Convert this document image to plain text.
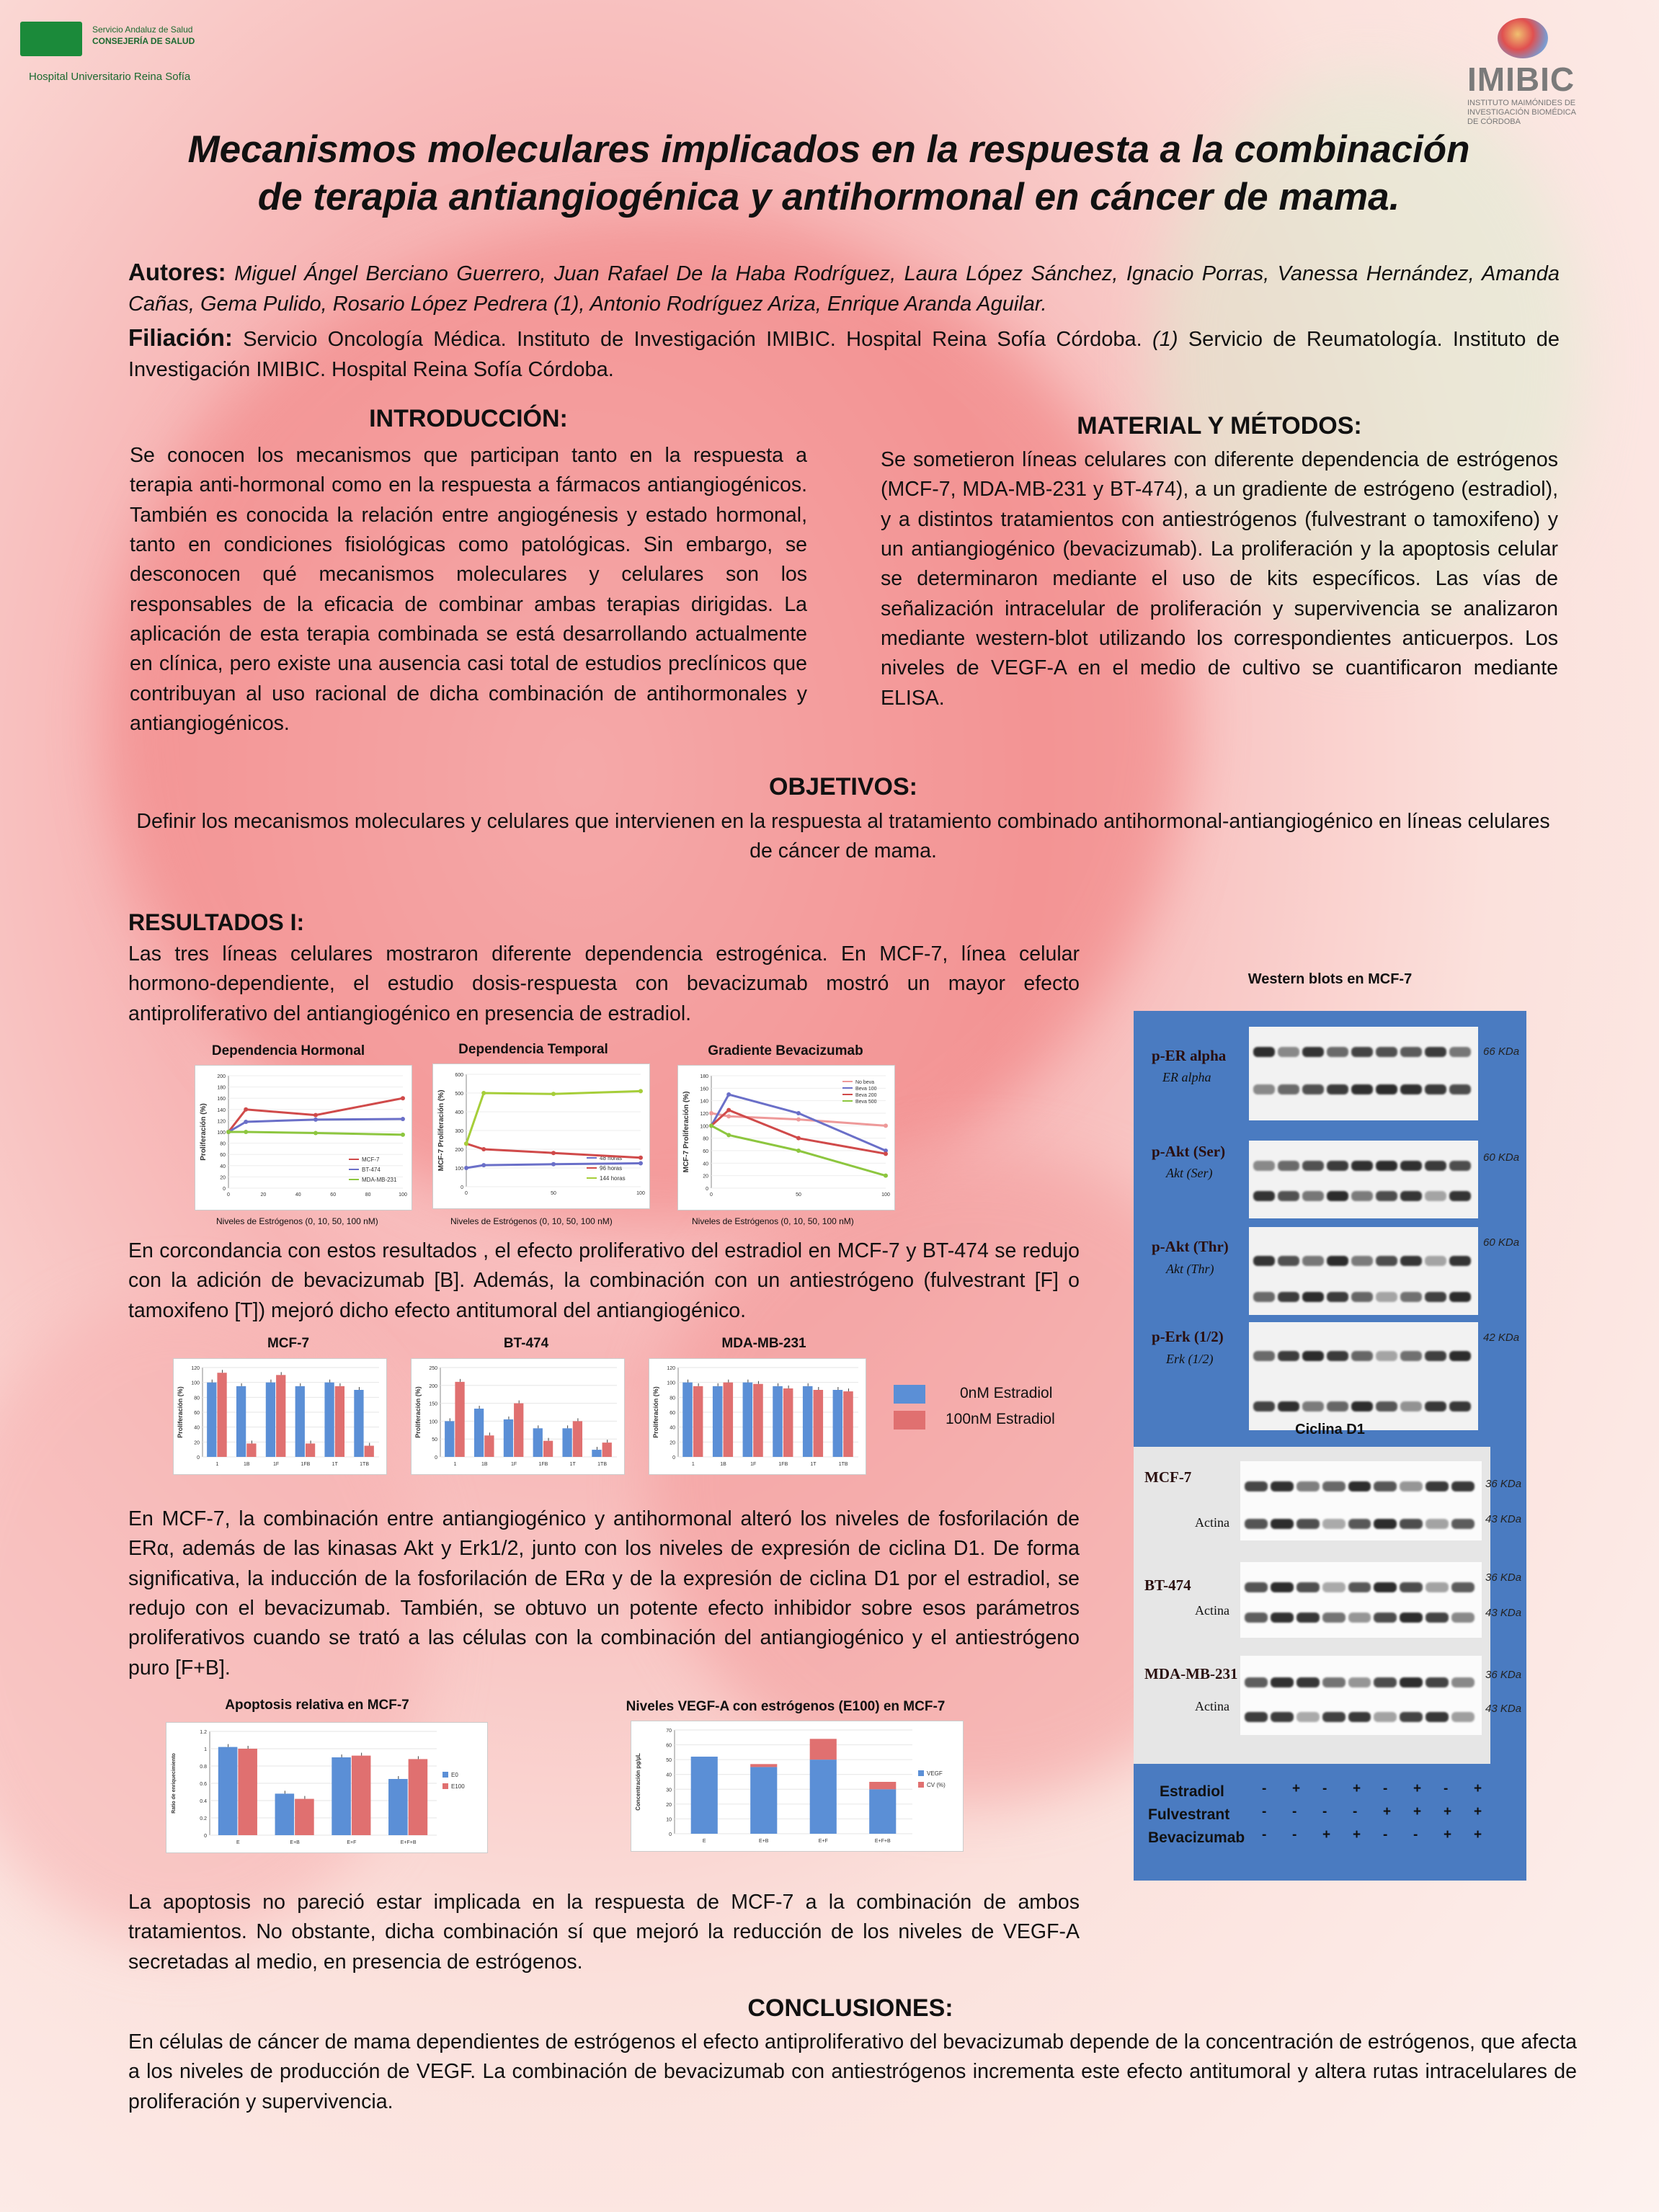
Servicio Andaluz de Salud
CONSEJERÍA DE SALUD
Hospital Universitario Reina Sofía	IMIBIC
INSTITUTO MAIMÓNIDES DE
INVESTIGACIÓN BIOMÉDICA
DE CÓRDOBA
Mecanismos moleculares implicados en la respuesta a la combinación
de terapia antiangiogénica y antihormonal en cáncer de mama.
Autores: Miguel Ángel Berciano Guerrero, Juan Rafael De la Haba Rodríguez, Laura López Sánchez, Ignacio Porras, Vanessa Hernández, Amanda Cañas, Gema Pulido, Rosario López Pedrera (1), Antonio Rodríguez Ariza, Enrique Aranda Aguilar.
Filiación: Servicio Oncología Médica. Instituto de Investigación IMIBIC. Hospital Reina Sofía Córdoba. (1) Servicio de Reumatología. Instituto de Investigación IMIBIC. Hospital Reina Sofía Córdoba.
INTRODUCCIÓN:
Se conocen los mecanismos que participan tanto en la respuesta a terapia anti-hormonal como en la respuesta a fármacos antiangiogénicos. También es conocida la relación entre angiogénesis y estado hormonal, tanto en condiciones fisiológicas como patológicas. Sin embargo, se desconocen qué mecanismos moleculares y celulares son los responsables de la eficacia de combinar ambas terapias dirigidas. La aplicación de esta terapia combinada se está desarrollando actualmente en clínica, pero existe una ausencia casi total de estudios preclínicos que contribuyan al uso racional de dicha combinación de antihormonales y antiangiogénicos.
MATERIAL Y MÉTODOS:
Se sometieron líneas celulares con diferente dependencia de estrógenos (MCF-7, MDA-MB-231 y BT-474), a un gradiente de estrógeno (estradiol), y a distintos tratamientos con antiestrógenos (fulvestrant o tamoxifeno) y un antiangiogénico (bevacizumab). La proliferación y la apoptosis celular se determinaron mediante el uso de kits específicos. Las vías de señalización intracelular de proliferación y supervivencia se analizaron mediante western-blot utilizando los correspondientes anticuerpos. Los niveles de VEGF-A en el medio de cultivo se cuantificaron mediante ELISA.
OBJETIVOS:
Definir los mecanismos moleculares y celulares que intervienen en la respuesta al tratamiento combinado antihormonal-antiangiogénico en líneas celulares de cáncer de mama.
RESULTADOS I:
Las tres líneas celulares mostraron diferente dependencia estrogénica. En MCF-7, línea celular hormono-dependiente, el estudio dosis-respuesta con bevacizumab mostró un mayor efecto antiproliferativo del antiangiogénico en presencia de estradiol.
Dependencia Hormonal
0
20
40
60
80
100
120
140
160
180
200
0	20	40	60	80	100
Proliferación (%)	MCF-7
BT-474
MDA-MB-231
Dependencia Temporal
0
100
200
300
400
500
600
0	50	100
MCF-7 Proliferación (%)	48 horas
96 horas
144 horas
Gradiente Bevacizumab
0
20
40
60
80
100
120
140
160
180
0	50	100
MCF-7 Proliferación (%)
No beva
Beva 100
Beva 200
Beva 500
Niveles de Estrógenos (0, 10, 50, 100 nM)	Niveles de Estrógenos (0, 10, 50, 100 nM)	Niveles de Estrógenos (0, 10, 50, 100 nM)
En corcondancia con estos resultados , el efecto proliferativo del estradiol en MCF-7 y BT-474 se redujo con la adición de bevacizumab [B]. Además, la combinación con un antiestrógeno (fulvestrant [F] o tamoxifeno [T]) mejoró dicho efecto antitumoral del antiangiogénico.
MCF-7
0
20
40
60
80
100
120
Proliferación (%)
1	1B	1F	1FB	1T	1TB
BT-474
0
50
100
150
200
250
Proliferación (%)
1	1B	1F	1FB	1T	1TB
MDA-MB-231
0
20
40
60
80
100
120
Proliferación (%)
1	1B	1F	1FB	1T	1TB
0nM Estradiol
100nM Estradiol
En MCF-7, la combinación entre antiangiogénico y antihormonal alteró los niveles de fosforilación de ERα, además de las kinasas Akt y Erk1/2, junto con los niveles de expresión de ciclina D1. De forma significativa, la inducción de la fosforilación de ERα y de la expresión de ciclina D1 por el estradiol, se redujo con el bevacizumab. También, se obtuvo un potente efecto inhibidor sobre esos parámetros proliferativos cuando se trató a las células con la combinación del antiangiogénico y el antiestrógeno puro [F+B].
Apoptosis relativa en MCF-7
0
0.2
0.4
0.6
0.8
1
1.2
Ratio de enriquecimiento
E	E+B	E+F	E+F+B
E0
E100
Niveles VEGF-A con estrógenos (E100) en MCF-7
0
10
20
30
40
50
60
70
Concentración pg/µL
E	E+B	E+F	E+F+B
VEGF
CV (%)
La apoptosis no pareció estar implicada en la respuesta de MCF-7 a la combinación de ambos tratamientos. No obstante, dicha combinación sí que mejoró la reducción de los niveles de VEGF-A secretadas al medio, en presencia de estrógenos.
CONCLUSIONES:
En células de cáncer de mama dependientes de estrógenos el efecto antiproliferativo del bevacizumab depende de la concentración de estrógenos, que afecta a los niveles de producción de VEGF. La combinación de bevacizumab con antiestrógenos incrementa este efecto antitumoral y altera rutas intracelulares de proliferación y supervivencia.
Western blots en MCF-7
p-ER alpha
ER alpha
66 KDa
p-Akt (Ser)
Akt (Ser)
60 KDa
p-Akt (Thr)
Akt (Thr)
60 KDa
p-Erk (1/2)
Erk (1/2)
42 KDa
Ciclina D1
MCF-7
Actina
36 KDa
43 KDa
BT-474
Actina
36 KDa
43 KDa
MDA-MB-231
Actina
36 KDa
43 KDa
Estradiol	- + - + - + - +
Fulvestrant - - - - + + + +
Bevacizumab - - + + - - + +
